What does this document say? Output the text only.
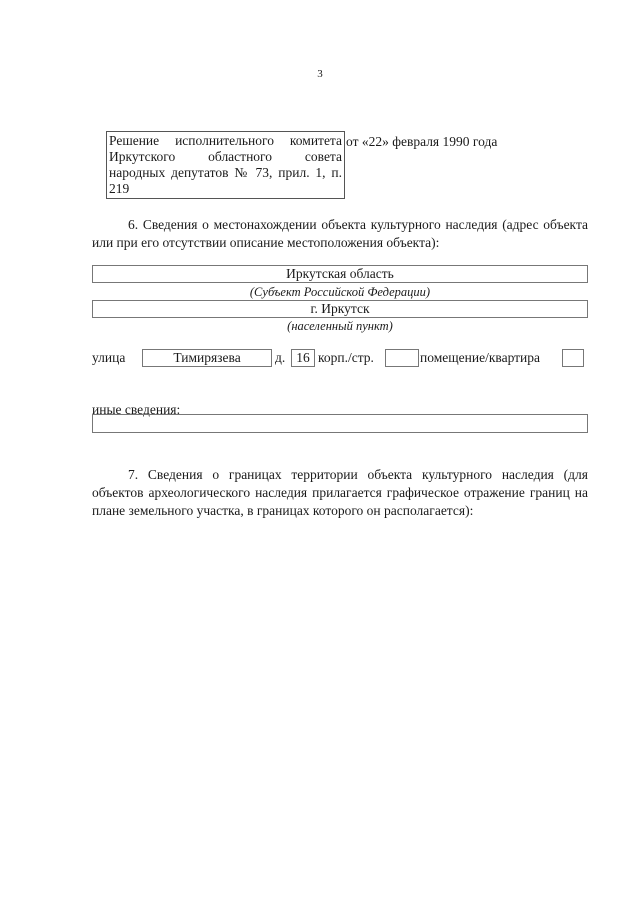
3
Решение исполнительного комитета Иркутского областного совета народных депутатов № 73, прил. 1, п. 219
от «22» февраля 1990 года

6. Сведения о местонахождении объекта культурного наследия (адрес объекта или при его отсутствии описание местоположения объекта):

Иркутская область
(Субъект Российской Федерации)
г. Иркутск
(населенный пункт)
улица	Тимирязева	д. 16 корп./стр.	помещение/квартира
иные сведения:

7. Сведения о границах территории объекта культурного наследия (для объектов археологического наследия прилагается графическое отражение границ на плане земельного участка, в границах которого он располагается):
